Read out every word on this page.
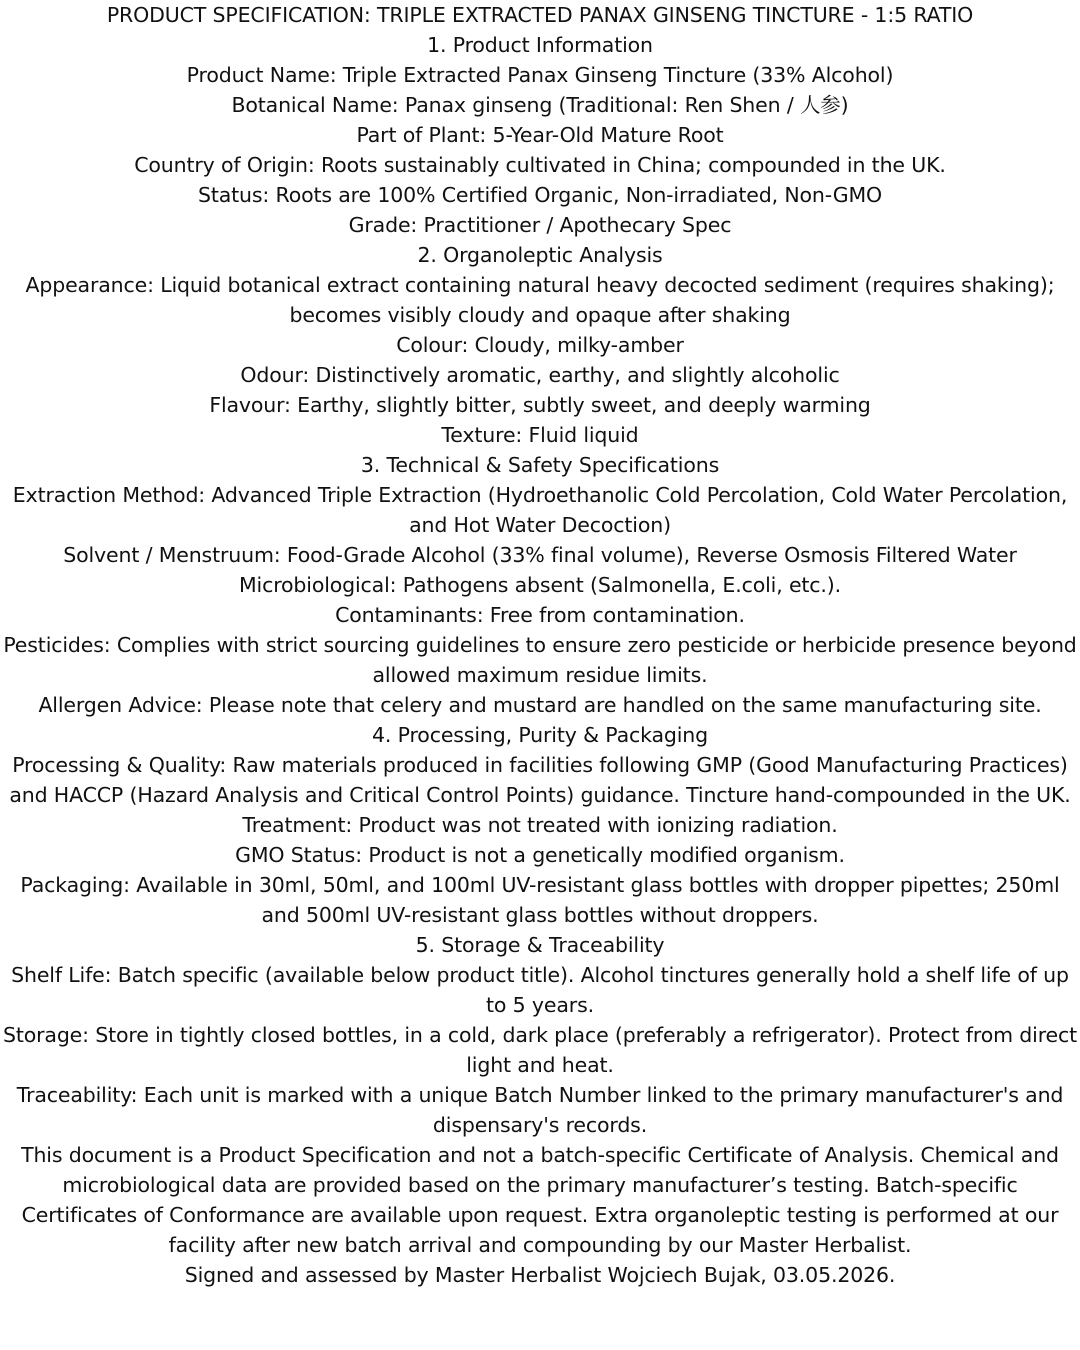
PRODUCT SPECIFICATION: TRIPLE EXTRACTED PANAX GINSENG TINCTURE - 1:5 RATIO

1. Product Information

Product Name: Triple Extracted Panax Ginseng Tincture (33% Alcohol)

Botanical Name: Panax ginseng (Traditional: Ren Shen / 人参)

Part of Plant: 5-Year-Old Mature Root

Country of Origin: Roots sustainably cultivated in China; compounded in the UK.

Status: Roots are 100% Certified Organic, Non-irradiated, Non-GMO

Grade: Practitioner / Apothecary Spec

2. Organoleptic Analysis

Appearance: Liquid botanical extract containing natural heavy decocted sediment (requires shaking); becomes visibly cloudy and opaque after shaking

Colour: Cloudy, milky-amber

Odour: Distinctively aromatic, earthy, and slightly alcoholic

Flavour: Earthy, slightly bitter, subtly sweet, and deeply warming

Texture: Fluid liquid

3. Technical & Safety Specifications

Extraction Method: Advanced Triple Extraction (Hydroethanolic Cold Percolation, Cold Water Percolation, and Hot Water Decoction)

Solvent / Menstruum: Food-Grade Alcohol (33% final volume), Reverse Osmosis Filtered Water

Microbiological: Pathogens absent (Salmonella, E.coli, etc.).

Contaminants: Free from contamination.

Pesticides: Complies with strict sourcing guidelines to ensure zero pesticide or herbicide presence beyond allowed maximum residue limits.

Allergen Advice: Please note that celery and mustard are handled on the same manufacturing site.

4. Processing, Purity & Packaging

Processing & Quality: Raw materials produced in facilities following GMP (Good Manufacturing Practices) and HACCP (Hazard Analysis and Critical Control Points) guidance. Tincture hand-compounded in the UK.

Treatment: Product was not treated with ionizing radiation.

GMO Status: Product is not a genetically modified organism.

Packaging: Available in 30ml, 50ml, and 100ml UV-resistant glass bottles with dropper pipettes; 250ml and 500ml UV-resistant glass bottles without droppers.

5. Storage & Traceability

Shelf Life: Batch specific (available below product title). Alcohol tinctures generally hold a shelf life of up to 5 years.

Storage: Store in tightly closed bottles, in a cold, dark place (preferably a refrigerator). Protect from direct light and heat.

Traceability: Each unit is marked with a unique Batch Number linked to the primary manufacturer's and dispensary's records.

This document is a Product Specification and not a batch-specific Certificate of Analysis. Chemical and microbiological data are provided based on the primary manufacturer’s testing. Batch-specific Certificates of Conformance are available upon request. Extra organoleptic testing is performed at our facility after new batch arrival and compounding by our Master Herbalist.

Signed and assessed by Master Herbalist Wojciech Bujak, 03.05.2026.
